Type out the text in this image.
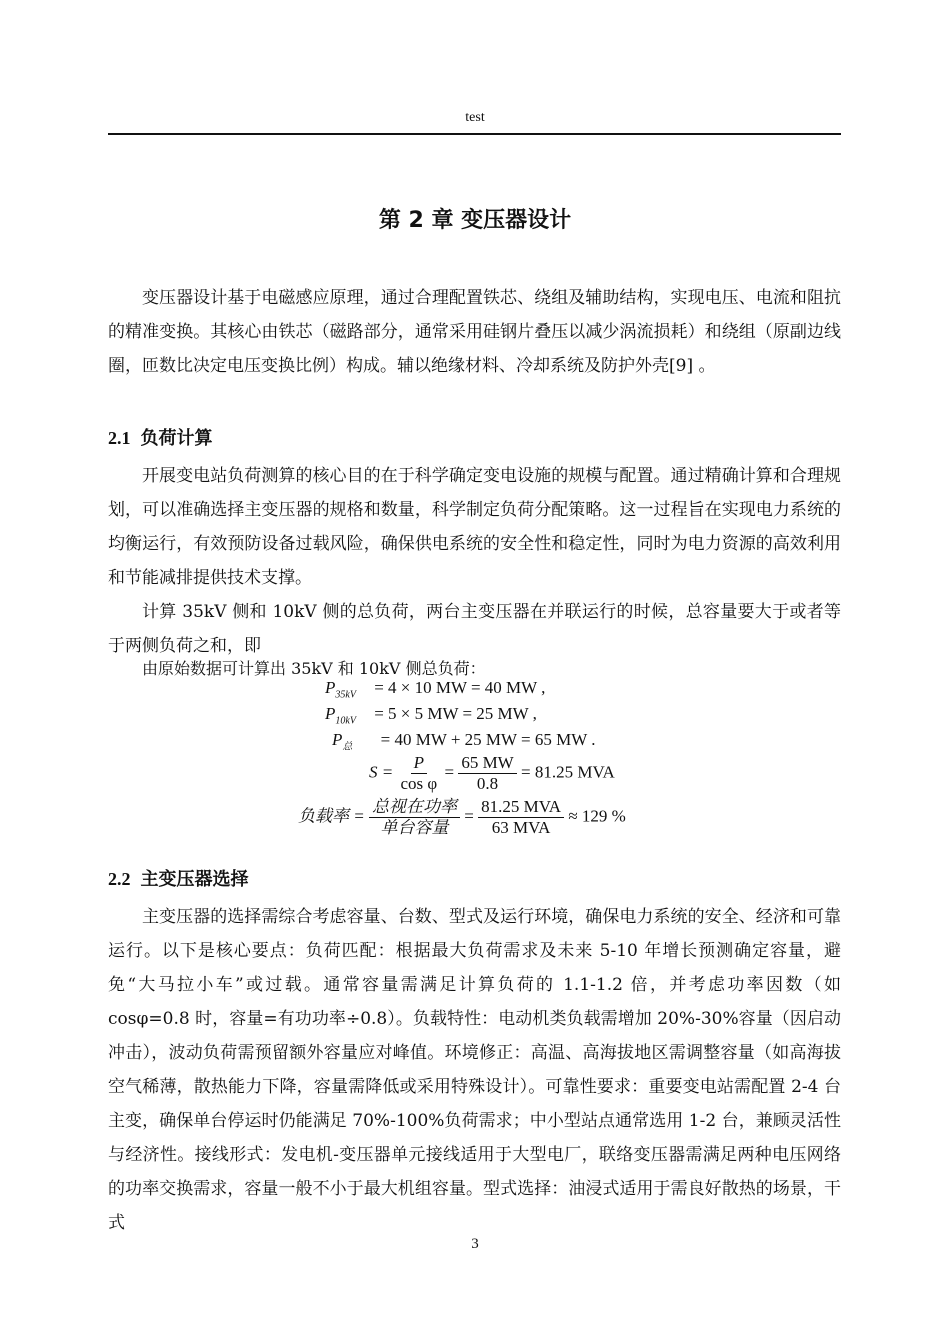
test
第 2 章 变压器设计

变压器设计基于电磁感应原理，通过合理配置铁芯、绕组及辅助结构，实现电压、电流和阻抗的精准变换。其核心由铁芯（磁路部分，通常采用硅钢片叠压以减少涡流损耗）和绕组（原副边线圈，匝数比决定电压变换比例）构成。辅以绝缘材料、冷却系统及防护外壳[9] 。

2.1 负荷计算

开展变电站负荷测算的核心目的在于科学确定变电设施的规模与配置。通过精确计算和合理规划，可以准确选择主变压器的规格和数量，科学制定负荷分配策略。这一过程旨在实现电力系统的均衡运行，有效预防设备过载风险，确保供电系统的安全性和稳定性，同时为电力资源的高效利用和节能减排提供技术支撑。

计算 35kV 侧和 10kV 侧的总负荷，两台主变压器在并联运行的时候，总容量要大于或者等于两侧负荷之和，即

由原始数据可计算出 35kV 和 10kV 侧总负荷：
$P_{35kV} = 4 \times 10$ MW = 40 MW ,
$P_{10kV} = 5 \times 5$ MW = 25 MW ,
$P_总 = 40$ MW + 25 MW = 65 MW .
$S = \frac{P}{\text{cos φ}} = \frac{65 MW}{0.8} = 81.25$ MVA
负载率 = $\frac{\text{总视在功率}}{\text{单台容量}} = \frac{\text{81.25 MVA}}{\text{63 MVA}} \approx 129$ %
2.2 主变压器选择

主变压器的选择需综合考虑容量、台数、型式及运行环境，确保电力系统的安全、经济和可靠运行。以下是核心要点：负荷匹配：根据最大负荷需求及未来 5-10 年增长预测确定容量，避免“大马拉小车”或过载。通常容量需满足计算负荷的 1.1-1.2 倍，并考虑功率因数（如 cosφ=0.8 时，容量=有功功率÷0.8）。负载特性：电动机类负载需增加 20%-30%容量（因启动冲击），波动负荷需预留额外容量应对峰值。环境修正：高温、高海拔地区需调整容量（如高海拔空气稀薄，散热能力下降，容量需降低或采用特殊设计）。可靠性要求：重要变电站需配置 2-4 台主变，确保单台停运时仍能满足 70%-100%负荷需求；中小型站点通常选用 1-2 台，兼顾灵活性与经济性。接线形式：发电机-变压器单元接线适用于大型电厂，联络变压器需满足两种电压网络的功率交换需求，容量一般不小于最大机组容量。型式选择：油浸式适用于需良好散热的场景，干式

3
